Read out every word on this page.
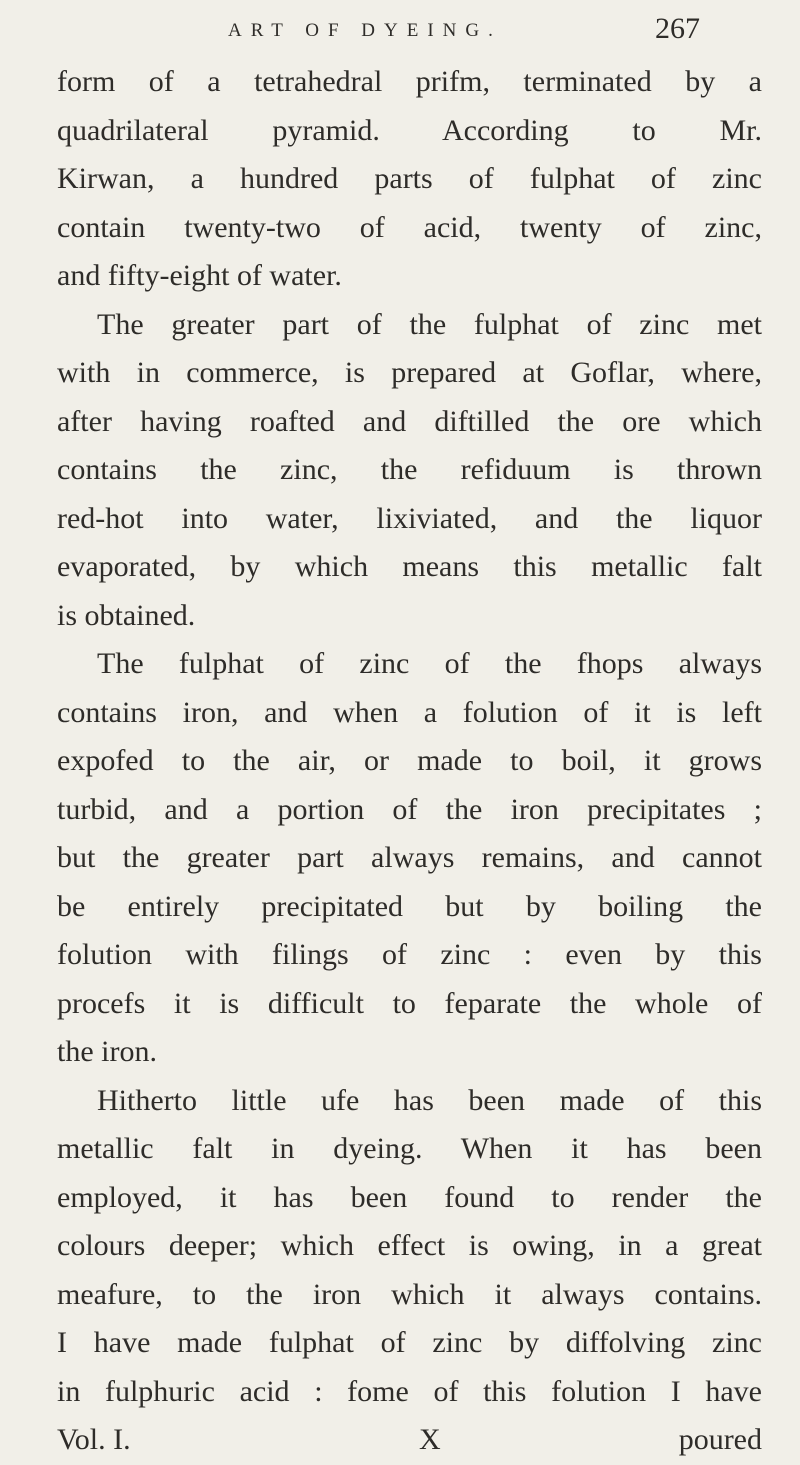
ART OF DYEING.	267
form of a tetrahedral prifm, terminated by a
quadrilateral pyramid. According to Mr.
Kirwan, a hundred parts of fulphat of zinc
contain twenty-two of acid, twenty of zinc,
and fifty-eight of water.
The greater part of the fulphat of zinc met
with in commerce, is prepared at Goflar, where,
after having roafted and diftilled the ore which
contains the zinc, the refiduum is thrown
red-hot into water, lixiviated, and the liquor
evaporated, by which means this metallic falt
is obtained.
The fulphat of zinc of the fhops always
contains iron, and when a folution of it is left
expofed to the air, or made to boil, it grows
turbid, and a portion of the iron precipitates ;
but the greater part always remains, and cannot
be entirely precipitated but by boiling the
folution with filings of zinc : even by this
procefs it is difficult to feparate the whole of
the iron.
Hitherto little ufe has been made of this
metallic falt in dyeing. When it has been
employed, it has been found to render the
colours deeper; which effect is owing, in a great
meafure, to the iron which it always contains.
I have made fulphat of zinc by diffolving zinc
in fulphuric acid : fome of this folution I have
Vol. I.	X	poured
